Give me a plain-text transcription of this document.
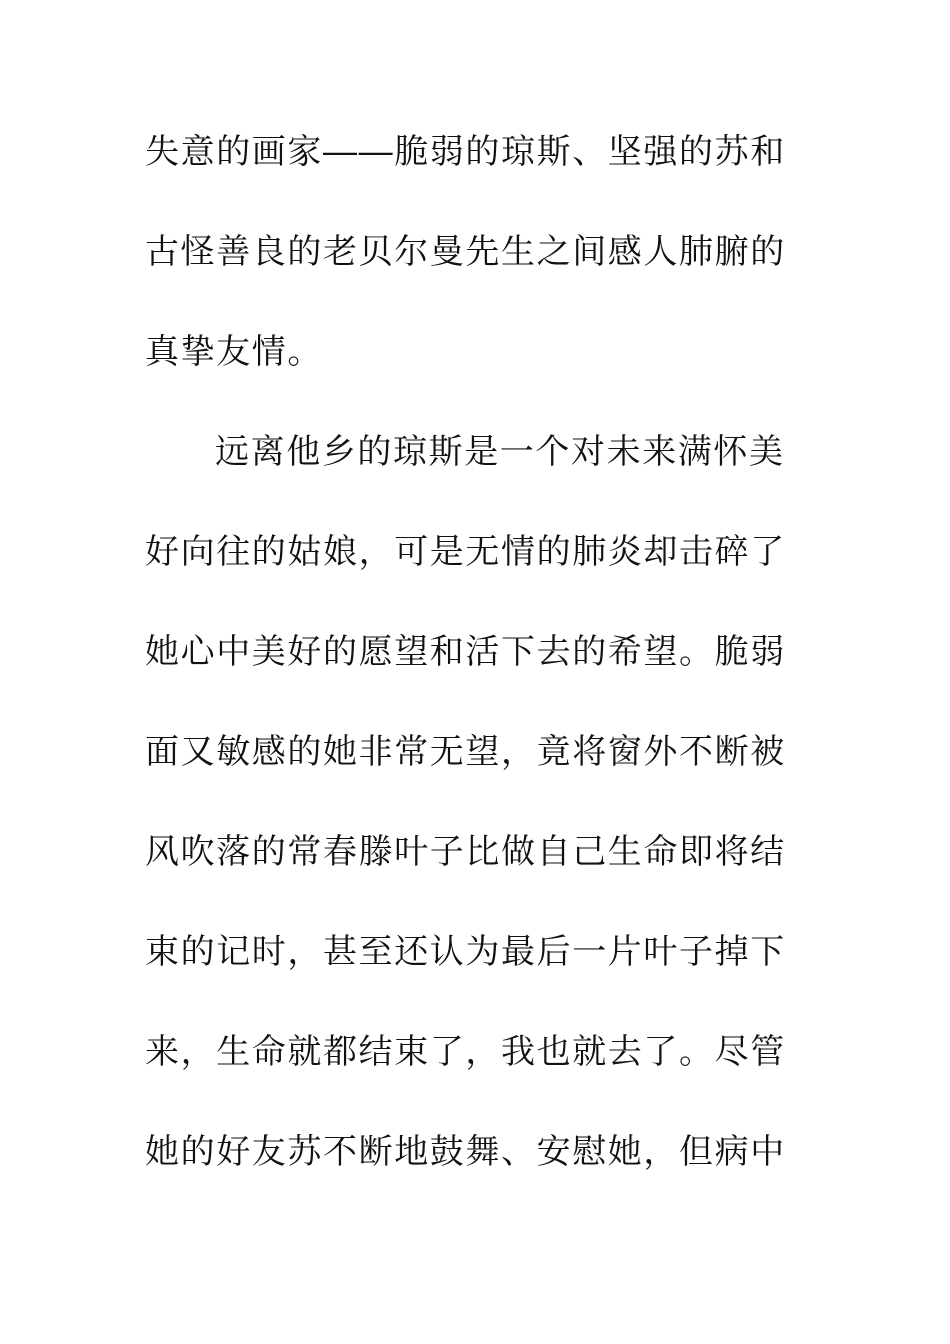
失意的画家――脆弱的琼斯、坚强的苏和
古怪善良的老贝尔曼先生之间感人肺腑的
真挚友情。
远离他乡的琼斯是一个对未来满怀美
好向往的姑娘，可是无情的肺炎却击碎了
她心中美好的愿望和活下去的希望。脆弱
面又敏感的她非常无望，竟将窗外不断被
风吹落的常春滕叶子比做自己生命即将结
束的记时，甚至还认为最后一片叶子掉下
来，生命就都结束了，我也就去了。尽管
她的好友苏不断地鼓舞、安慰她，但病中
